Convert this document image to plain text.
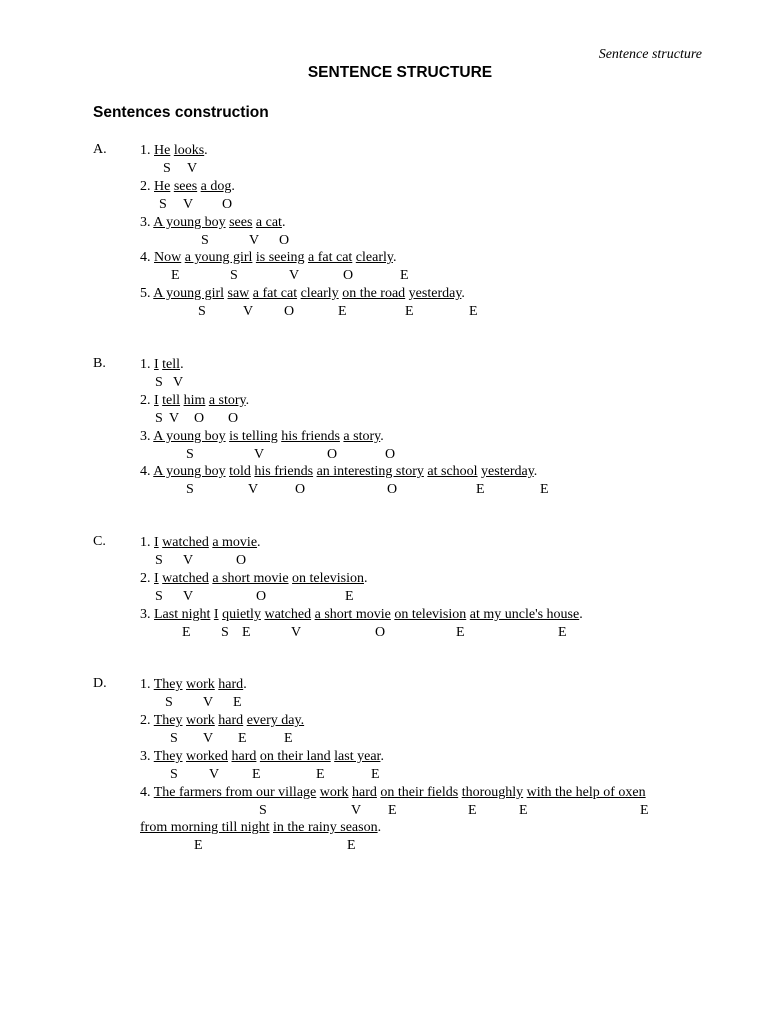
Sentence structure
SENTENCE STRUCTURE
Sentences construction
A. 1. He looks.
S V
2. He sees a dog.
S V O
3. A young boy sees a cat.
S	V O
4. Now a young girl is seeing a fat cat clearly.
E	S	V	O	E
5. A young girl saw a fat cat clearly on the road yesterday.
S	V O	E	E	E
B. 1. I tell.
S V
2. I tell him a story.
S V O O
3. A young boy is telling his friends a story.
S	V	O	O
4. A young boy told his friends an interesting story at school yesterday.
S	V	O	O	E	E
C. 1. I watched a movie.
S V	O
2. I watched a short movie on television.
S V	O	E
3. Last night I quietly watched a short movie on television at my uncle's house.
E S E	V	O	E	E
D. 1. They work hard.
S V E
2. They work hard every day.
S V E	E
3. They worked hard on their land last year.
S V E	E	E
4. The farmers from our village work hard on their fields thoroughly with the help of oxen
S	V E	E	E	E
from morning till night in the rainy season.
E	E
